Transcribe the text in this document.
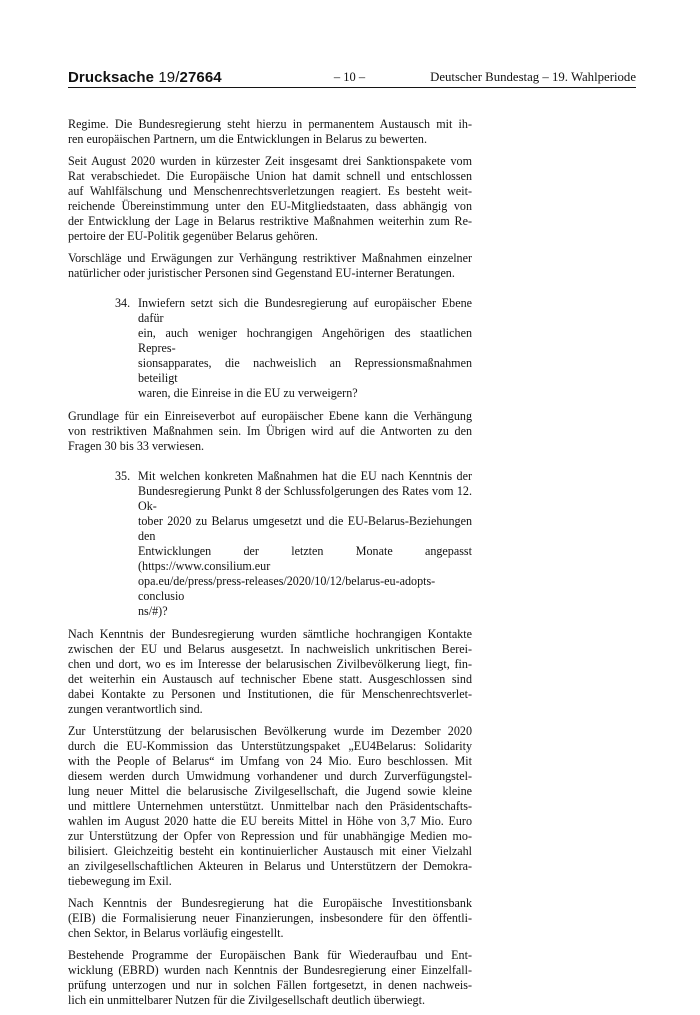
Drucksache 19/27664	– 10 –	Deutscher Bundestag – 19. Wahlperiode
Regime. Die Bundesregierung steht hierzu in permanentem Austausch mit ih-
ren europäischen Partnern, um die Entwicklungen in Belarus zu bewerten.
Seit August 2020 wurden in kürzester Zeit insgesamt drei Sanktionspakete vom
Rat verabschiedet. Die Europäische Union hat damit schnell und entschlossen
auf Wahlfälschung und Menschenrechtsverletzungen reagiert. Es besteht weit-
reichende Übereinstimmung unter den EU-Mitgliedstaaten, dass abhängig von
der Entwicklung der Lage in Belarus restriktive Maßnahmen weiterhin zum Re-
pertoire der EU-Politik gegenüber Belarus gehören.
Vorschläge und Erwägungen zur Verhängung restriktiver Maßnahmen einzelner
natürlicher oder juristischer Personen sind Gegenstand EU-interner Beratungen.
34. Inwiefern setzt sich die Bundesregierung auf europäischer Ebene dafür
ein, auch weniger hochrangigen Angehörigen des staatlichen Repres-
sionsapparates, die nachweislich an Repressionsmaßnahmen beteiligt
waren, die Einreise in die EU zu verweigern?
Grundlage für ein Einreiseverbot auf europäischer Ebene kann die Verhängung
von restriktiven Maßnahmen sein. Im Übrigen wird auf die Antworten zu den
Fragen 30 bis 33 verwiesen.
35. Mit welchen konkreten Maßnahmen hat die EU nach Kenntnis der
Bundesregierung Punkt 8 der Schlussfolgerungen des Rates vom 12. Ok-
tober 2020 zu Belarus umgesetzt und die EU-Belarus-Beziehungen den
Entwicklungen der letzten Monate angepasst (https://www.consilium.eur
opa.eu/de/press/press-releases/2020/10/12/belarus-eu-adopts-conclusio
ns/#)?
Nach Kenntnis der Bundesregierung wurden sämtliche hochrangigen Kontakte
zwischen der EU und Belarus ausgesetzt. In nachweislich unkritischen Berei-
chen und dort, wo es im Interesse der belarusischen Zivilbevölkerung liegt, fin-
det weiterhin ein Austausch auf technischer Ebene statt. Ausgeschlossen sind
dabei Kontakte zu Personen und Institutionen, die für Menschenrechtsverlet-
zungen verantwortlich sind.
Zur Unterstützung der belarusischen Bevölkerung wurde im Dezember 2020
durch die EU-Kommission das Unterstützungspaket „EU4Belarus: Solidarity
with the People of Belarus“ im Umfang von 24 Mio. Euro beschlossen. Mit
diesem werden durch Umwidmung vorhandener und durch Zurverfügungstel-
lung neuer Mittel die belarusische Zivilgesellschaft, die Jugend sowie kleine
und mittlere Unternehmen unterstützt. Unmittelbar nach den Präsidentschafts-
wahlen im August 2020 hatte die EU bereits Mittel in Höhe von 3,7 Mio. Euro
zur Unterstützung der Opfer von Repression und für unabhängige Medien mo-
bilisiert. Gleichzeitig besteht ein kontinuierlicher Austausch mit einer Vielzahl
an zivilgesellschaftlichen Akteuren in Belarus und Unterstützern der Demokra-
tiebewegung im Exil.
Nach Kenntnis der Bundesregierung hat die Europäische Investitionsbank
(EIB) die Formalisierung neuer Finanzierungen, insbesondere für den öffentli-
chen Sektor, in Belarus vorläufig eingestellt.
Bestehende Programme der Europäischen Bank für Wiederaufbau und Ent-
wicklung (EBRD) wurden nach Kenntnis der Bundesregierung einer Einzelfall-
prüfung unterzogen und nur in solchen Fällen fortgesetzt, in denen nachweis-
lich ein unmittelbarer Nutzen für die Zivilgesellschaft deutlich überwiegt.
